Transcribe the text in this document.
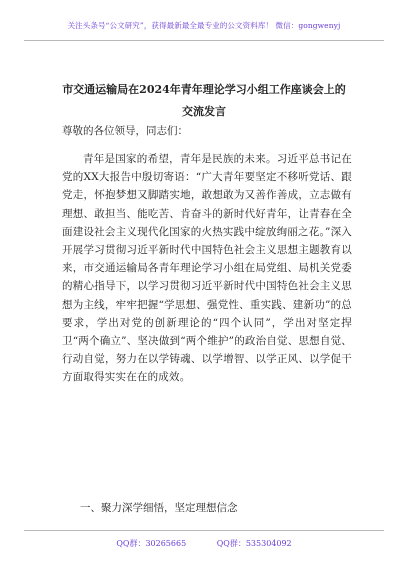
关注头条号“公文研究”，获得最新最全最专业的公文资料库！ 微信：gongwenyj
市交通运输局在2024年青年理论学习小组工作座谈会上的
交流发言
尊敬的各位领导，同志们：

青年是国家的希望，青年是民族的未来。习近平总书记在党的XX大报告中殷切寄语：“广大青年要坚定不移听党话、跟党走，怀抱梦想又脚踏实地，敢想敢为又善作善成，立志做有理想、敢担当、能吃苦、肯奋斗的新时代好青年，让青春在全面建设社会主义现代化国家的火热实践中绽放绚丽之花。”深入开展学习贯彻习近平新时代中国特色社会主义思想主题教育以来，市交通运输局各青年理论学习小组在局党组、局机关党委的精心指导下，以学习贯彻习近平新时代中国特色社会主义思想为主线，牢牢把握“学思想、强党性、重实践、建新功”的总要求，学出对党的创新理论的“四个认同”，学出对坚定捍卫“两个确立”、坚决做到“两个维护”的政治自觉、思想自觉、行动自觉，努力在以学铸魂、以学增智、以学正风、以学促干方面取得实实在在的成效。

一、聚力深学细悟，坚定理想信念
QQ群：30265665	QQ群：535304092
